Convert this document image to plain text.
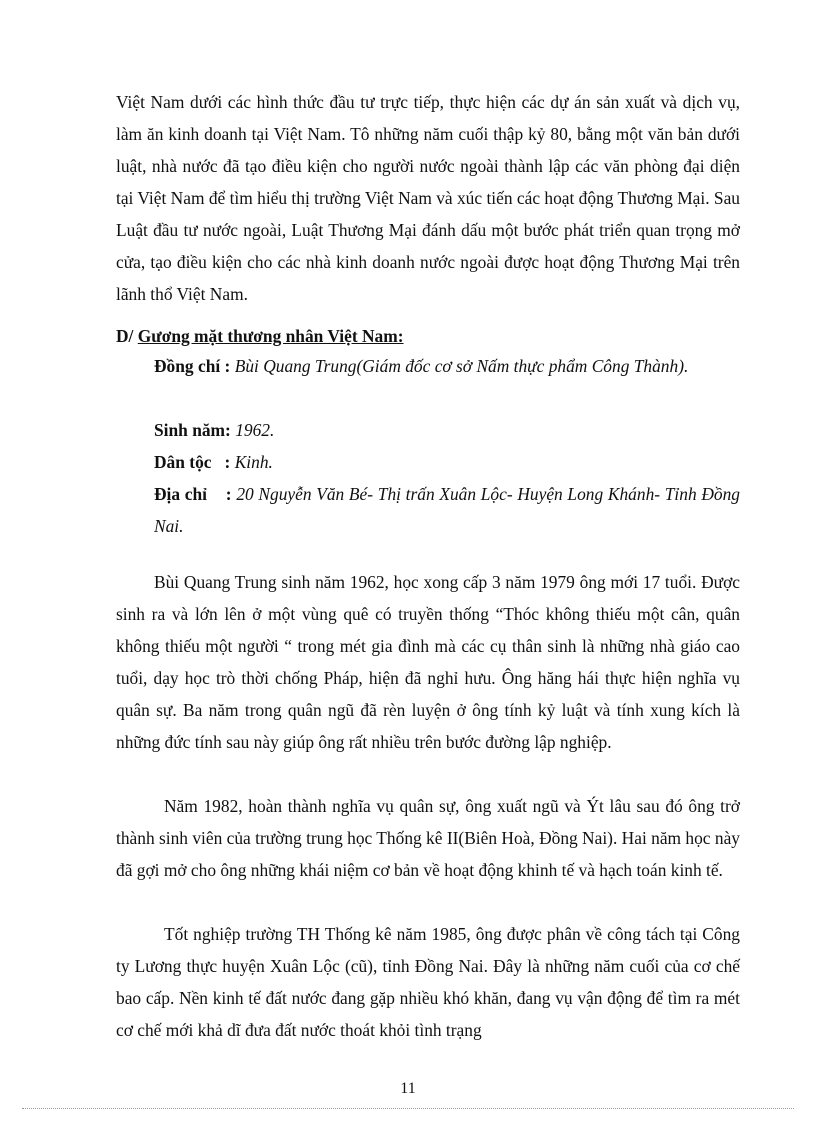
Việt Nam dưới các hình thức đầu tư trực tiếp, thực hiện các dự án sản xuất và dịch vụ, làm ăn kinh doanh tại Việt Nam. Tô những năm cuối thập kỷ 80, bằng một văn bản dưới luật, nhà nước đã tạo điều kiện cho người nước ngoài thành lập các văn phòng đại diện tại Việt Nam để tìm hiểu thị trường Việt Nam và xúc tiến các hoạt động Thương Mại. Sau Luật đầu tư nước ngoài, Luật Thương Mại đánh dấu một bước phát triển quan trọng mở cửa, tạo điều kiện cho các nhà kinh doanh nước ngoài được hoạt động Thương Mại trên lãnh thổ Việt Nam.

D/ Gương mặt thương nhân Việt Nam:

Đồng chí : Bùi Quang Trung(Giám đốc cơ sở Nấm thực phẩm Công Thành).

Sinh năm: 1962.

Dân tộc   : Kinh.

Địa chỉ    : 20 Nguyễn Văn Bé- Thị trấn Xuân Lộc- Huyện Long Khánh- Tỉnh Đồng Nai.

Bùi Quang Trung sinh năm 1962, học xong cấp 3 năm 1979 ông mới 17 tuổi. Được sinh ra và lớn lên ở một vùng quê có truyền thống “Thóc không thiếu một cân, quân không thiếu một người “ trong mét gia đình mà các cụ thân sinh là những nhà giáo cao tuổi, dạy học trò thời chống Pháp, hiện đã nghỉ hưu. Ông hăng hái thực hiện nghĩa vụ quân sự. Ba năm trong quân ngũ đã rèn luyện ở ông tính kỷ luật và tính xung kích là những đức tính sau này giúp ông rất nhiều trên bước đường lập nghiệp.

Năm 1982, hoàn thành nghĩa vụ quân sự, ông xuất ngũ và Ýt lâu sau đó ông trở thành sinh viên của trường trung học Thống kê II(Biên Hoà, Đồng Nai). Hai năm học này đã gợi mở cho ông những khái niệm cơ bản về hoạt động khinh tế và hạch toán kinh tế.

Tốt nghiệp trường TH Thống kê năm 1985, ông được phân về công tách tại Công ty Lương thực huyện Xuân Lộc (cũ), tỉnh Đồng Nai. Đây là những năm cuối của cơ chế bao cấp. Nền kinh tế đất nước đang gặp nhiều khó khăn, đang vụ vận động để tìm ra mét cơ chế mới khả dĩ đưa đất nước thoát khỏi tình trạng

11
